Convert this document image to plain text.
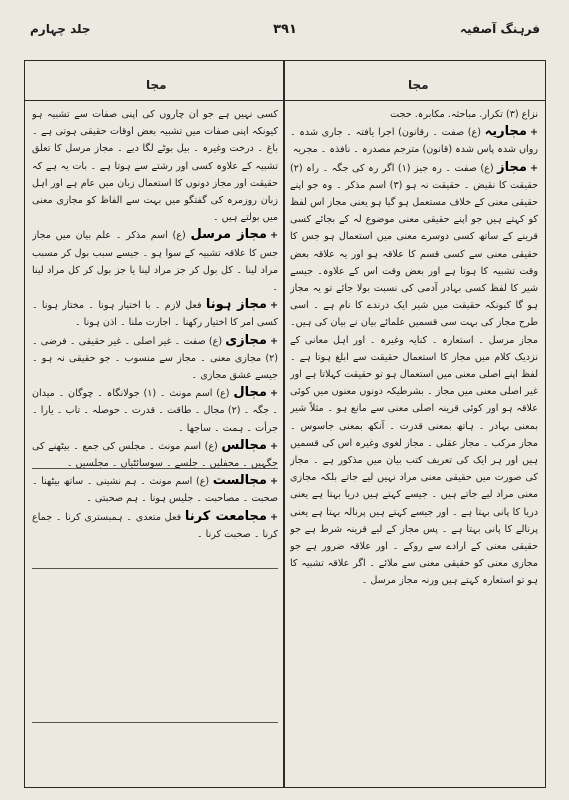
فرہنگ آصفیہ
۳۹۱
جلد چہارم
مجا
مجا

نزاع (٣) تکرار. مباحثہ. مکابرہ. حجت

+مجاریہ (ع) صفت ۔ رقانون) اجرا یافتہ ۔ جاری شدہ ۔ رواں شدہ پاس شدہ (قانون) مترجم مصدرہ ۔ نافذہ ۔ مجریہ

+مجاز (ع) صفت ۔ رہ جیز (۱) اگر رہ کی جگہ ۔ راہ (۲) حقیقت کا نقیض ۔ حقیقت نہ ہو (۳) اسم مذکر ۔ وہ جو اپنے حقیقی معنی کے خلاف مستعمل ہو گیا ہو یعنی مجاز اس لفظ کو کہتے ہیں جو اپنے حقیقی معنی موضوع لہ کے بجائے کسی قرینے کے ساتھ کسی دوسرے معنی میں استعمال ہو جس کا حقیقی معنی سے کسی قسم کا علاقہ ہو اور یہ علاقہ بعض وقت تشبیہ کا ہوتا ہے اور بعض وقت اس کے علاوہ۔ جیسے شیر کا لفظ کسی بہادر آدمی کی نسبت بولا جائے تو یہ مجاز ہو گا کیونکہ حقیقت میں شیر ایک درندے کا نام ہے ۔ اسی طرح مجاز کی بہت سی قسمیں علمائے بیان نے بیان کی ہیں۔ مجاز مرسل ۔ استعارہ ۔ کنایہ وغیرہ ۔ اور اہل معانی کے نزدیک کلام میں مجاز کا استعمال حقیقت سے ابلغ ہوتا ہے ۔ لفظ اپنے اصلی معنی میں استعمال ہو تو حقیقت کہلاتا ہے اور غیر اصلی معنی میں مجاز ۔ بشرطیکہ دونوں معنوں میں کوئی علاقہ ہو اور کوئی قرینہ اصلی معنی سے مانع ہو ۔ مثلاً شیر بمعنی بہادر ۔ ہاتھ بمعنی قدرت ۔ آنکھ بمعنی جاسوس ۔ مجاز مرکب ۔ مجاز عقلی ۔ مجاز لغوی وغیرہ اس کی قسمیں ہیں اور ہر ایک کی تعریف کتب بیان میں مذکور ہے ۔ مجاز کی صورت میں حقیقی معنی مراد نہیں لیے جاتے بلکہ مجازی معنی مراد لیے جاتے ہیں ۔ جیسے کہتے ہیں دریا بہتا ہے یعنی دریا کا پانی بہتا ہے ۔ اور جیسے کہتے ہیں پرنالہ بہتا ہے یعنی پرنالے کا پانی بہتا ہے ۔ پس مجاز کے لیے قرینہ شرط ہے جو حقیقی معنی کے ارادے سے روکے ۔ اور علاقہ ضرور ہے جو مجازی معنی کو حقیقی معنی سے ملائے ۔ اگر علاقہ تشبیہ کا ہو تو استعارہ کہتے ہیں ورنہ مجاز مرسل ۔

کسی نہیں ہے جو ان چاروں کی اپنی صفات سے تشبیہ ہو کیونکہ اپنی صفات میں تشبیہ بعض اوقات حقیقی ہوتی ہے ۔ باغ ۔ درخت وغیرہ ۔ بیل بوٹے لگا دیے ۔ مجاز مرسل کا تعلق تشبیہ کے علاوہ کسی اور رشتے سے ہوتا ہے ۔ بات یہ ہے کہ حقیقت اور مجاز دونوں کا استعمال زبان میں عام ہے اور اہل زبان روزمرہ کی گفتگو میں بہت سے الفاظ کو مجازی معنی میں بولتے ہیں ۔

+مجاز مرسل (ع) اسم مذکر ۔ علم بیان میں مجاز جس کا علاقہ تشبیہ کے سوا ہو ۔ جیسے سبب بول کر مسبب مراد لینا ۔ کل بول کر جز مراد لینا یا جز بول کر کل مراد لینا ۔

+مجاز ہونا فعل لازم ۔ با اختیار ہونا ۔ مختار ہونا ۔ کسی امر کا اختیار رکھنا ۔ اجازت ملنا ۔ اذن ہونا ۔

+مجازی (ع) صفت ۔ غیر اصلی ۔ غیر حقیقی ۔ فرضی ۔ (۲) مجازی معنی ۔ مجاز سے منسوب ۔ جو حقیقی نہ ہو ۔ جیسے عشق مجازی ۔

+مجال (ع) اسم مونث ۔ (۱) جولانگاہ ۔ چوگان ۔ میدان ۔ جگہ ۔ (۲) مجال ۔ طاقت ۔ قدرت ۔ حوصلہ ۔ تاب ۔ یارا ۔ جرأت ۔ ہمت ۔ ساجھا ۔

+مجالس (ع) اسم مونث ۔ مجلس کی جمع ۔ بیٹھنے کی جگہیں ۔ محفلیں ۔ جلسے ۔ سوسائٹیاں ۔ مجلسیں ۔

+مجالست (ع) اسم مونث ۔ ہم نشینی ۔ ساتھ بیٹھنا ۔ صحبت ۔ مصاحبت ۔ جلیس ہونا ۔ ہم صحبتی ۔

+مجامعت کرنا فعل متعدی ۔ ہمبستری کرنا ۔ جماع کرنا ۔ صحبت کرنا ۔
